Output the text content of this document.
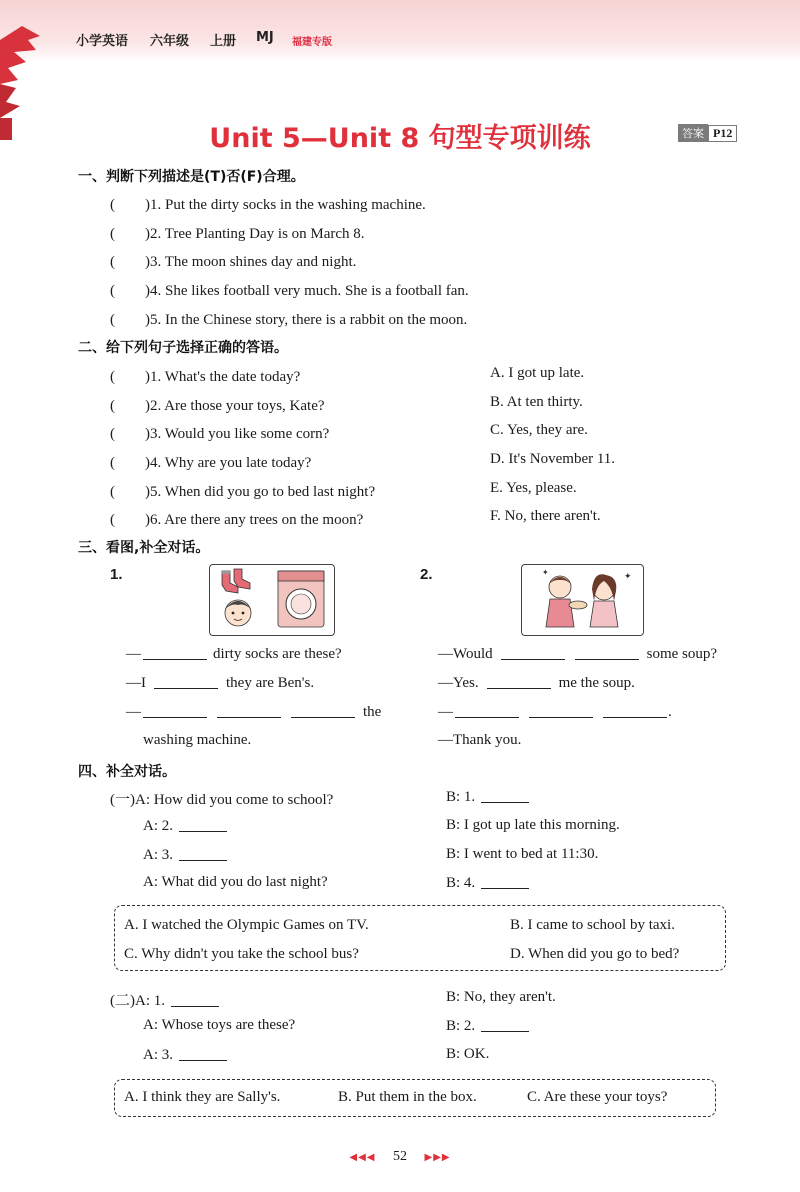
小学英语 六年级 上册 MJ 福建专版
Unit 5—Unit 8 句型专项训练	答案 P12
一、判断下列描述是(T)否(F)合理。
(　　)1. Put the dirty socks in the washing machine.
(　　)2. Tree Planting Day is on March 8.
(　　)3. The moon shines day and night.
(　　)4. She likes football very much. She is a football fan.
(　　)5. In the Chinese story, there is a rabbit on the moon.
二、给下列句子选择正确的答语。
(　　)1. What's the date today?
(　　)2. Are those your toys, Kate?
(　　)3. Would you like some corn?
(　　)4. Why are you late today?
(　　)5. When did you go to bed last night?
(　　)6. Are there any trees on the moon?
A. I got up late.
B. At ten thirty.
C. Yes, they are.
D. It's November 11.
E. Yes, please.
F. No, there aren't.
三、看图,补全对话。
1.	2.	✦
✦
—	dirty socks are these?
—I	they are Ben's.
—	the
washing machine.
—Would	some soup?
—Yes.	me the soup.
—	.
—Thank you.
四、补全对话。
(一)A: How did you come to school?	B: 1.
A: 2.	B: I got up late this morning.
A: 3.	B: I went to bed at 11:30.
A: What did you do last night?	B: 4.
A. I watched the Olympic Games on TV.	B. I came to school by taxi.
C. Why didn't you take the school bus?	D. When did you go to bed?
(二)A: 1.	B: No, they aren't.
A: Whose toys are these?	B: 2.
A: 3.	B: OK.
A. I think they are Sally's.	B. Put them in the box.	C. Are these your toys?
◀◀◀ 52 ▶▶▶
